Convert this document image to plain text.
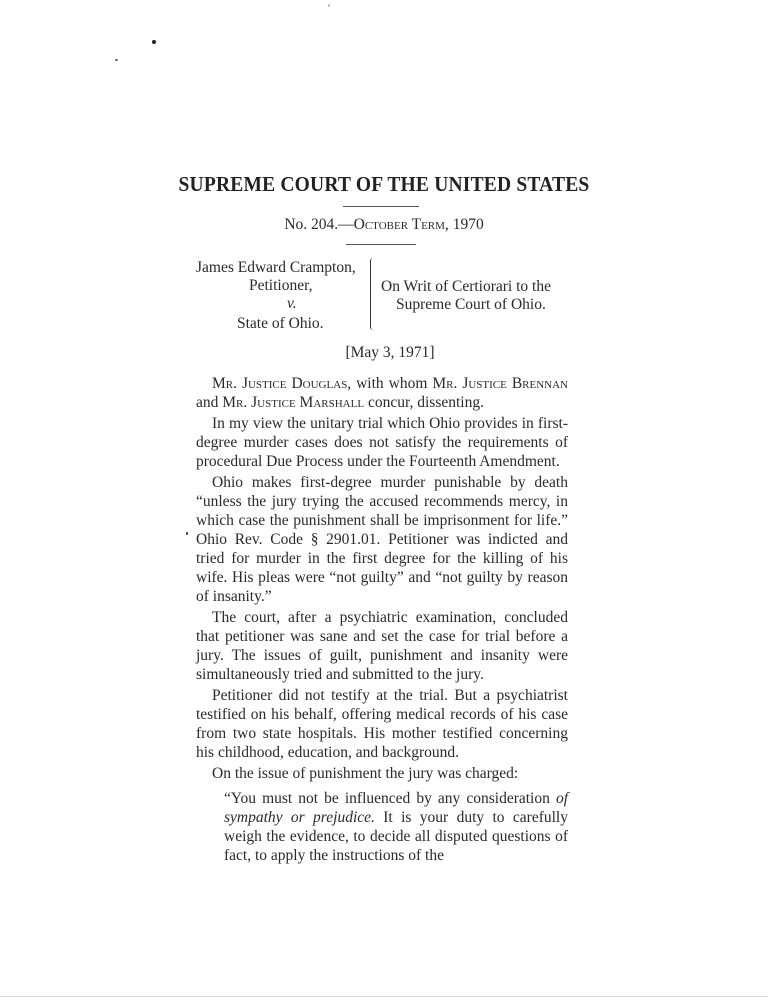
SUPREME COURT OF THE UNITED STATES
No. 204.—October Term, 1970
James Edward Crampton,
Petitioner,
v.
State of Ohio.
On Writ of Certiorari to the
Supreme Court of Ohio.
[May 3, 1971]

Mr. Justice Douglas, with whom Mr. Justice Brennan and Mr. Justice Marshall concur, dissenting.

In my view the unitary trial which Ohio provides in first-degree murder cases does not satisfy the requirements of procedural Due Process under the Fourteenth Amendment.

Ohio makes first-degree murder punishable by death “unless the jury trying the accused recommends mercy, in which case the punishment shall be imprisonment for life.” Ohio Rev. Code § 2901.01. Petitioner was indicted and tried for murder in the first degree for the killing of his wife. His pleas were “not guilty” and “not guilty by reason of insanity.”

The court, after a psychiatric examination, concluded that petitioner was sane and set the case for trial before a jury. The issues of guilt, punishment and insanity were simultaneously tried and submitted to the jury.

Petitioner did not testify at the trial. But a psychiatrist testified on his behalf, offering medical records of his case from two state hospitals. His mother testified concerning his childhood, education, and background.

On the issue of punishment the jury was charged:

“You must not be influenced by any consideration of sympathy or prejudice. It is your duty to carefully weigh the evidence, to decide all disputed questions of fact, to apply the instructions of the
